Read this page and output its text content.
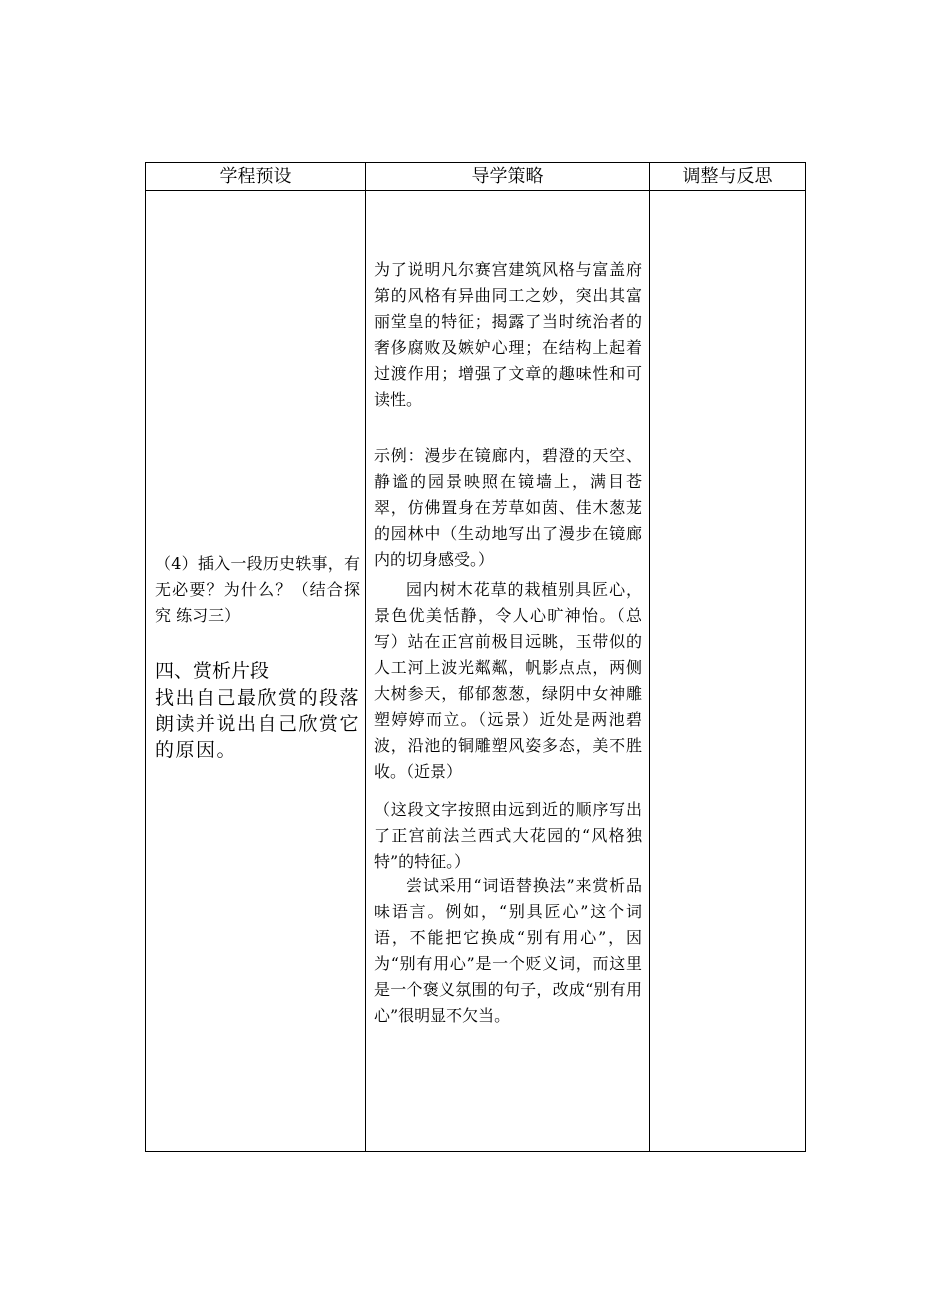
学程预设	导学策略	调整与反思
（4）插入一段历史轶事，有无必要？为什么？（结合探究 练习三）
四、赏析片段
找出自己最欣赏的段落朗读并说出自己欣赏它的原因。

为了说明凡尔赛宫建筑风格与富盖府第的风格有异曲同工之妙，突出其富丽堂皇的特征；揭露了当时统治者的奢侈腐败及嫉妒心理；在结构上起着过渡作用；增强了文章的趣味性和可读性。

示例：漫步在镜廊内，碧澄的天空、静谧的园景映照在镜墙上，满目苍翠，仿佛置身在芳草如茵、佳木葱茏的园林中（生动地写出了漫步在镜廊内的切身感受。）

园内树木花草的栽植别具匠心，景色优美恬静，令人心旷神怡。（总写）站在正宫前极目远眺，玉带似的人工河上波光粼粼，帆影点点，两侧大树参天，郁郁葱葱，绿阴中女神雕塑婷婷而立。（远景）近处是两池碧波，沿池的铜雕塑风姿多态，美不胜收。（近景）

（这段文字按照由远到近的顺序写出了正宫前法兰西式大花园的“风格独特”的特征。）

尝试采用“词语替换法”来赏析品味语言。例如，“别具匠心”这个词语，不能把它换成“别有用心”，因为“别有用心”是一个贬义词，而这里是一个褒义氛围的句子，改成“别有用心”很明显不欠当。
